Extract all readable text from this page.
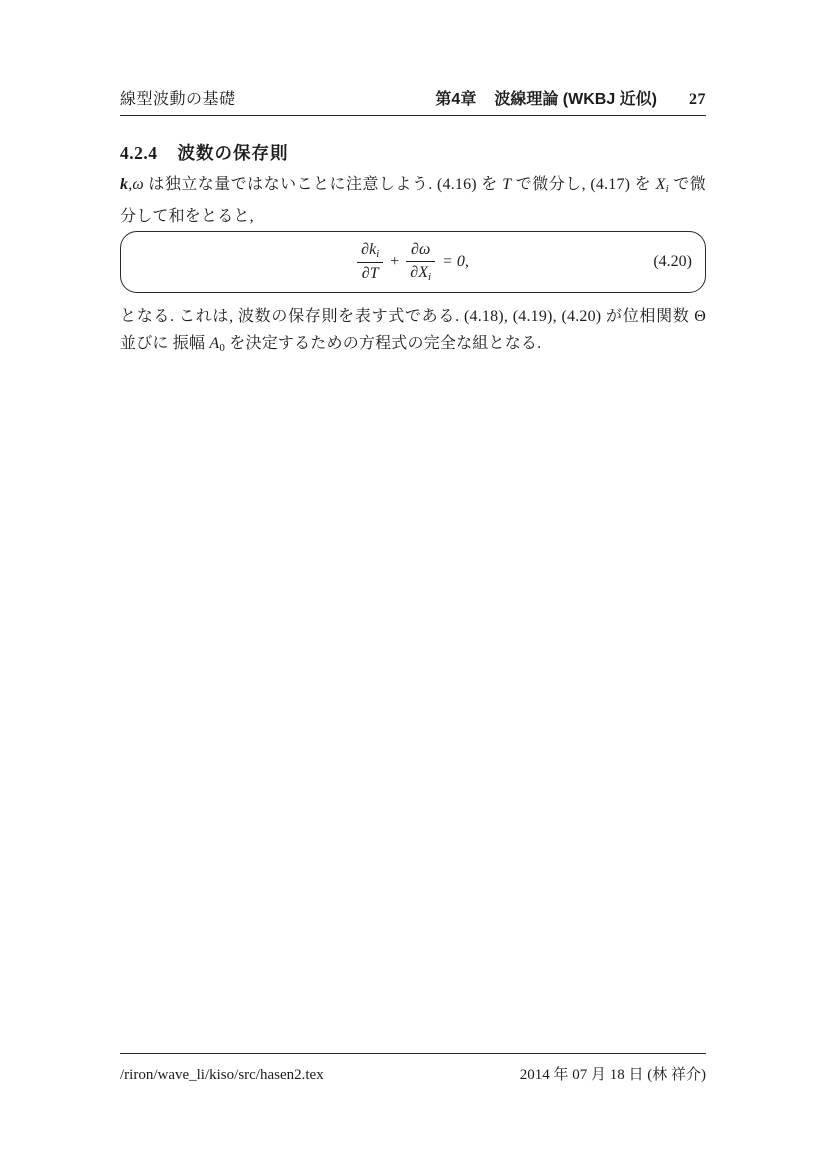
線型波動の基礎	第4章 波線理論 (WKBJ 近似) 27
4.2.4 波数の保存則
k,ω は独立な量ではないことに注意しよう. (4.16) を T で微分し, (4.17) を $X_i$ で微分して和をとると,
$\frac{\partial k_i}{\partial T} + \frac{\partial\omega}{\partial X_i} = 0$,	(4.20)
となる. これは, 波数の保存則を表す式である. (4.18), (4.19), (4.20) が位相関数 Θ 並びに 振幅 $A_0$ を決定するための方程式の完全な組となる.
/riron/wave_li/kiso/src/hasen2.tex	2014 年 07 月 18 日 (林 祥介)
